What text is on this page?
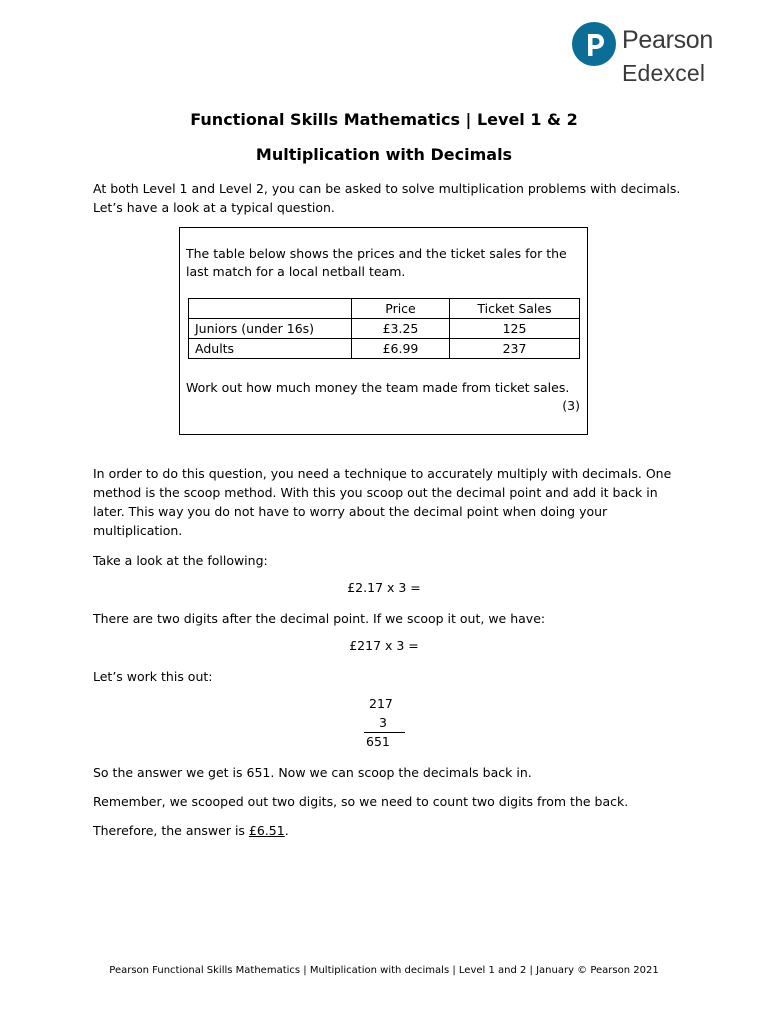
Pearson
Edexcel
Functional Skills Mathematics | Level 1 & 2
Multiplication with Decimals

At both Level 1 and Level 2, you can be asked to solve multiplication problems with decimals. Let’s have a look at a typical question.

The table below shows the prices and the ticket sales for the last match for a local netball team.

	Price	Ticket Sales
Juniors (under 16s)	£3.25	125
Adults	£6.99	237

Work out how much money the team made from ticket sales.

(3)

In order to do this question, you need a technique to accurately multiply with decimals. One method is the scoop method. With this you scoop out the decimal point and add it back in later. This way you do not have to worry about the decimal point when doing your multiplication.

Take a look at the following:

£2.17 x 3 =

There are two digits after the decimal point. If we scoop it out, we have:

£217 x 3 =

Let’s work this out:

217
3
651

So the answer we get is 651. Now we can scoop the decimals back in.

Remember, we scooped out two digits, so we need to count two digits from the back.

Therefore, the answer is £6.51.

Pearson Functional Skills Mathematics | Multiplication with decimals | Level 1 and 2 | January © Pearson 2021
